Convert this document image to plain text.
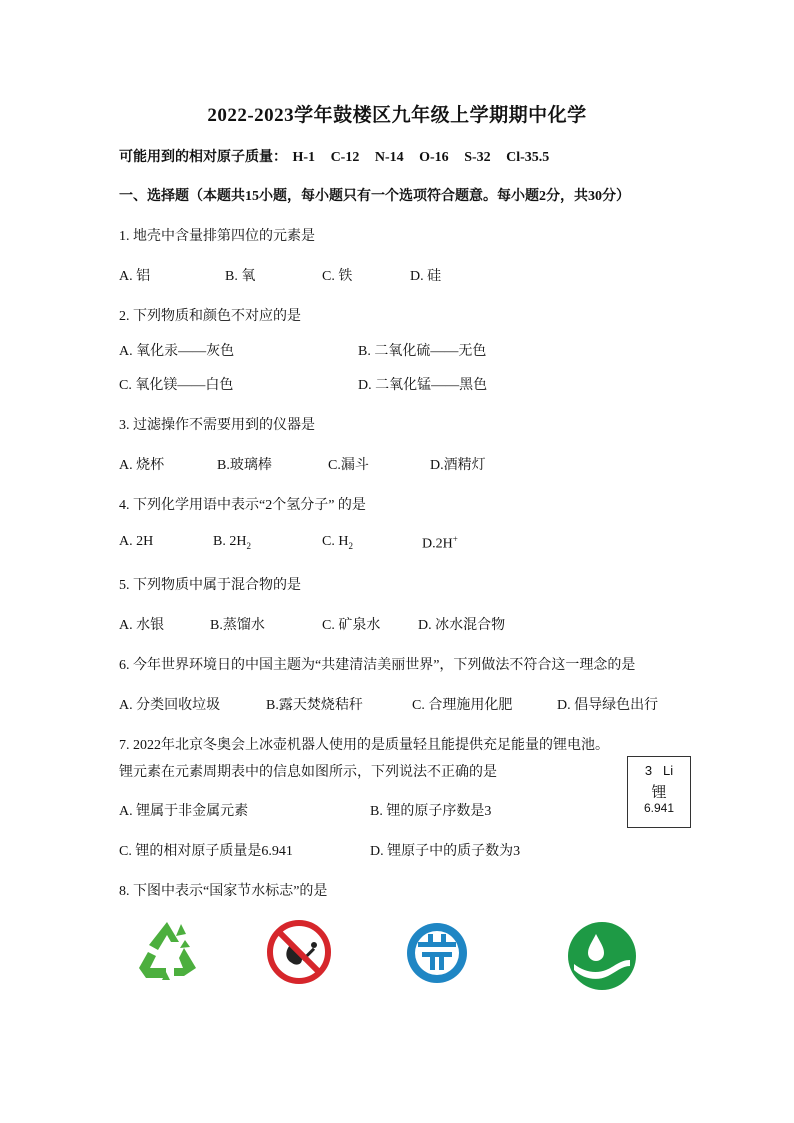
2022-2023学年鼓楼区九年级上学期期中化学
可能用到的相对原子质量： H-1 C-12 N-14 O-16 S-32 Cl-35.5
一、选择题（本题共15小题，每小题只有一个选项符合题意。每小题2分，共30分）
1. 地壳中含量排第四位的元素是
A. 铝	B. 氧	C. 铁	D. 硅
2. 下列物质和颜色不对应的是
A. 氧化汞——灰色	B. 二氧化硫——无色
C. 氧化镁——白色	D. 二氧化锰——黑色
3. 过滤操作不需要用到的仪器是
A. 烧杯	B.玻璃棒	C.漏斗	D.酒精灯
4. 下列化学用语中表示“2个氢分子” 的是
A. 2H	B. $2H_2$	C. $H_2$	D.2H+
5. 下列物质中属于混合物的是
A. 水银	B.蒸馏水	C. 矿泉水	D. 冰水混合物
6. 今年世界环境日的中国主题为“共建清洁美丽世界”，下列做法不符合这一理念的是
A. 分类回收垃圾	B.露天焚烧秸秆	C. 合理施用化肥	D. 倡导绿色出行
7. 2022年北京冬奥会上冰壶机器人使用的是质量轻且能提供充足能量的锂电池。
锂元素在元素周期表中的信息如图所示，下列说法不正确的是
A. 锂属于非金属元素	B. 锂的原子序数是3
C. 锂的相对原子质量是6.941	D. 锂原子中的质子数为3
3 Li
锂
6.941
8. 下图中表示“国家节水标志”的是
